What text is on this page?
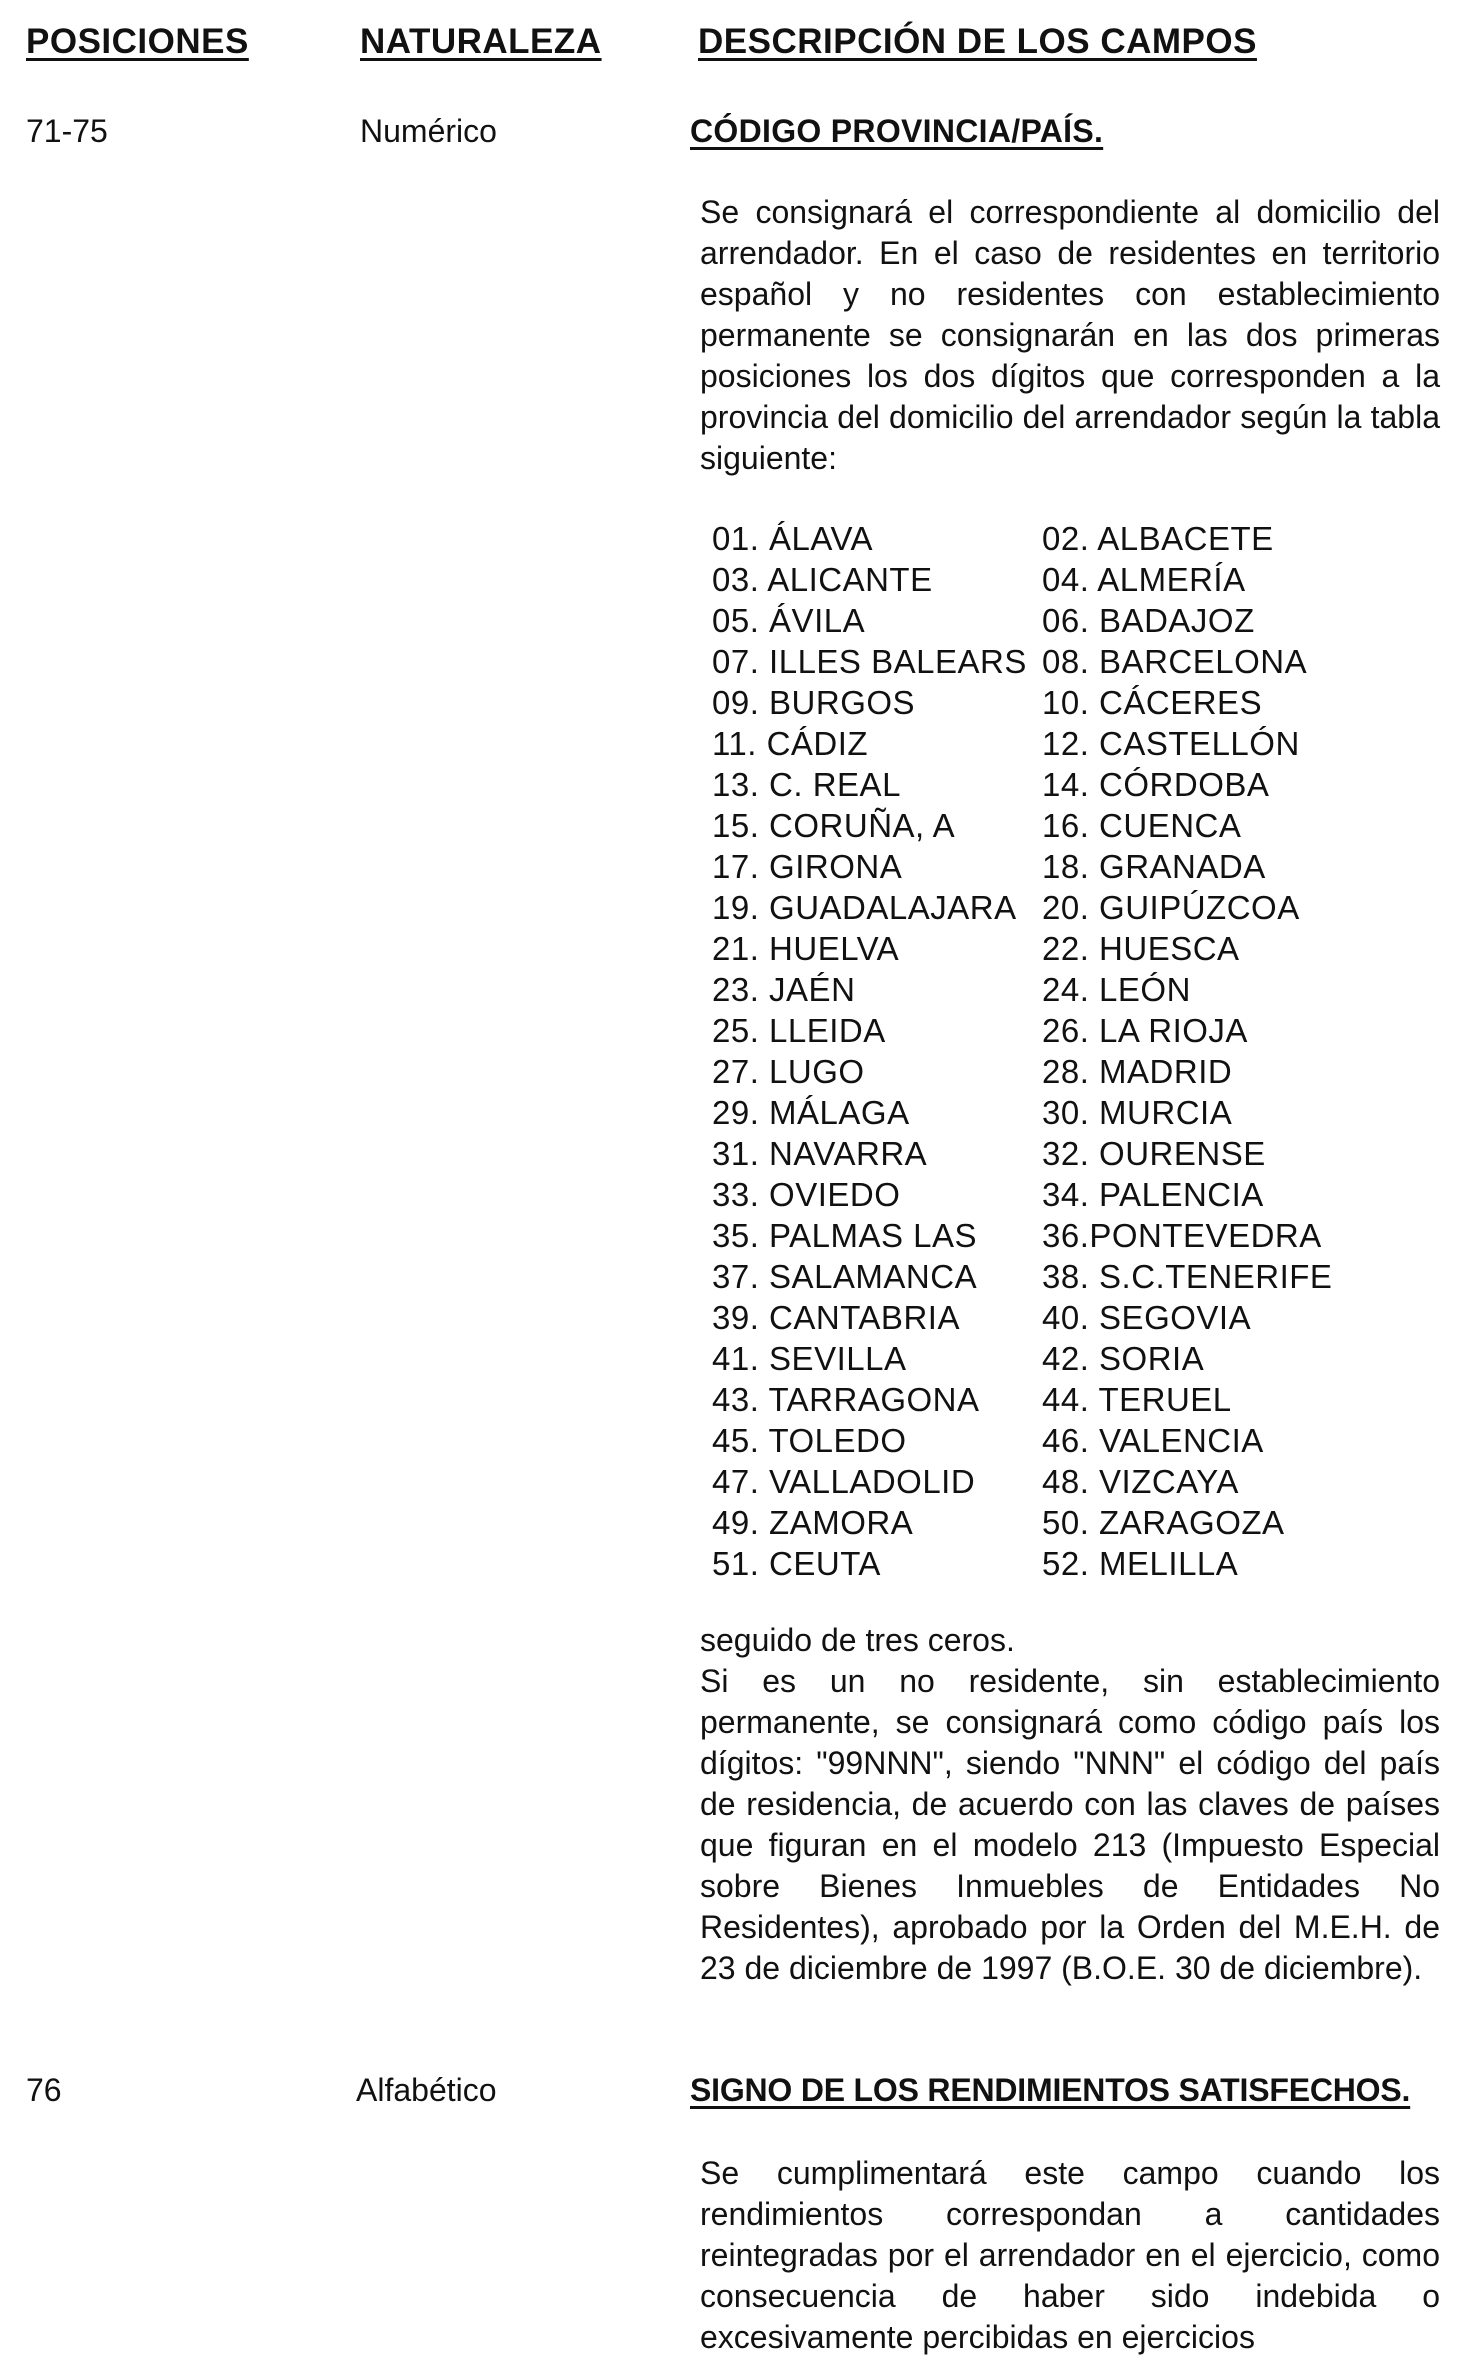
POSICIONES	NATURALEZA	DESCRIPCIÓN DE LOS CAMPOS
71-75	Numérico	CÓDIGO PROVINCIA/PAÍS.

Se consignará el correspondiente al domicilio del arrendador. En el caso de residentes en territorio español y no residentes con establecimiento permanente se consignarán en las dos primeras posiciones los dos dígitos que corresponden a la provincia del domicilio del arrendador según la tabla siguiente:

01. ÁLAVA	02. ALBACETE
03. ALICANTE	04. ALMERÍA
05. ÁVILA	06. BADAJOZ
07. ILLES BALEARS 08. BARCELONA
09. BURGOS	10. CÁCERES
11. CÁDIZ	12. CASTELLÓN
13. C. REAL	14. CÓRDOBA
15. CORUÑA, A	16. CUENCA
17. GIRONA	18. GRANADA
19. GUADALAJARA 20. GUIPÚZCOA
21. HUELVA	22. HUESCA
23. JAÉN	24. LEÓN
25. LLEIDA	26. LA RIOJA
27. LUGO	28. MADRID
29. MÁLAGA	30. MURCIA
31. NAVARRA	32. OURENSE
33. OVIEDO	34. PALENCIA
35. PALMAS LAS 36.PONTEVEDRA
37. SALAMANCA 38. S.C.TENERIFE
39. CANTABRIA 40. SEGOVIA
41. SEVILLA	42. SORIA
43. TARRAGONA 44. TERUEL
45. TOLEDO	46. VALENCIA
47. VALLADOLID 48. VIZCAYA
49. ZAMORA	50. ZARAGOZA
51. CEUTA	52. MELILLA

seguido de tres ceros.

Si es un no residente, sin establecimiento permanente, se consignará como código país los dígitos: "99NNN", siendo "NNN" el código del país de residencia, de acuerdo con las claves de países que figuran en el modelo 213 (Impuesto Especial sobre Bienes Inmuebles de Entidades No Residentes), aprobado por la Orden del M.E.H. de 23 de diciembre de 1997 (B.O.E. 30 de diciembre).

76	Alfabético	SIGNO DE LOS RENDIMIENTOS SATISFECHOS.

Se cumplimentará este campo cuando los rendimientos correspondan a cantidades reintegradas por el arrendador en el ejercicio, como consecuencia de haber sido indebida o excesivamente percibidas en ejercicios
